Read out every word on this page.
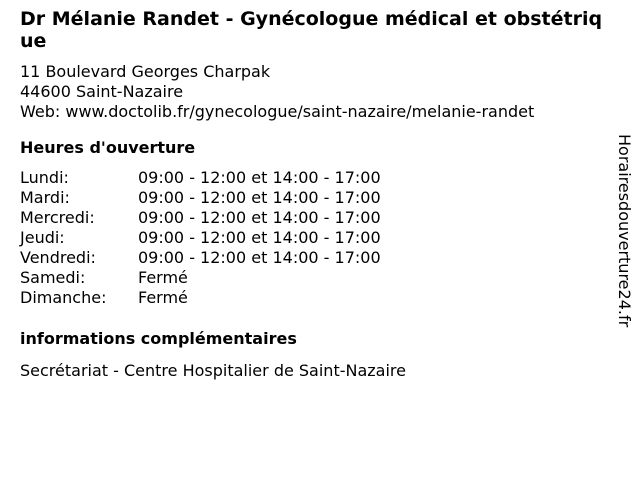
Dr Mélanie Randet - Gynécologue médical et obstétrique
11 Boulevard Georges Charpak
44600 Saint-Nazaire
Web: www.doctolib.fr/gynecologue/saint-nazaire/melanie-randet
Heures d'ouverture
Lundi:	09:00 - 12:00 et 14:00 - 17:00
Mardi:	09:00 - 12:00 et 14:00 - 17:00
Mercredi:	09:00 - 12:00 et 14:00 - 17:00
Jeudi:	09:00 - 12:00 et 14:00 - 17:00
Vendredi:	09:00 - 12:00 et 14:00 - 17:00
Samedi:	Fermé
Dimanche:	Fermé
informations complémentaires
Secrétariat - Centre Hospitalier de Saint-Nazaire
Horairesdouverture24.fr
